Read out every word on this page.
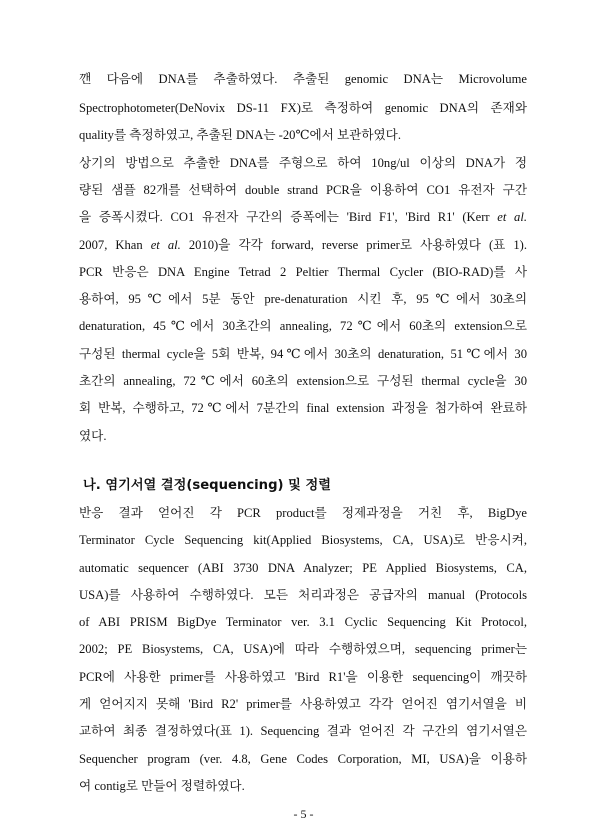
깬 다음에 DNA를 추출하였다. 추출된 genomic DNA는 Microvolume
Spectrophotometer(DeNovix DS-11 FX)로 측정하여 genomic DNA의 존재와
quality를 측정하였고, 추출된 DNA는 -20℃에서 보관하였다.
상기의 방법으로 추출한 DNA를 주형으로 하여 10ng/ul 이상의 DNA가 정
량된 샘플 82개를 선택하여 double strand PCR을 이용하여 CO1 유전자 구간
을 증폭시켰다. CO1 유전자 구간의 증폭에는 'Bird F1', 'Bird R1' (Kerr et al.
2007, Khan et al. 2010)을 각각 forward, reverse primer로 사용하였다 (표 1).
PCR 반응은 DNA Engine Tetrad 2 Peltier Thermal Cycler (BIO-RAD)를 사
용하여, 95℃에서 5분 동안 pre-denaturation 시킨 후, 95℃에서 30초의
denaturation, 45℃에서 30초간의 annealing, 72℃에서 60초의 extension으로
구성된 thermal cycle을 5회 반복, 94℃에서 30초의 denaturation, 51℃에서 30
초간의 annealing, 72℃에서 60초의 extension으로 구성된 thermal cycle을 30
회 반복, 수행하고, 72℃에서 7분간의 final extension 과정을 첨가하여 완료하
였다.
나. 염기서열 결정(sequencing) 및 정렬
반응 결과 얻어진 각 PCR product를 정제과정을 거친 후, BigDye
Terminator Cycle Sequencing kit(Applied Biosystems, CA, USA)로 반응시켜,
automatic sequencer (ABI 3730 DNA Analyzer; PE Applied Biosystems, CA,
USA)를 사용하여 수행하였다. 모든 처리과정은 공급자의 manual (Protocols
of ABI PRISM BigDye Terminator ver. 3.1 Cyclic Sequencing Kit Protocol,
2002; PE Biosystems, CA, USA)에 따라 수행하였으며, sequencing primer는
PCR에 사용한 primer를 사용하였고 'Bird R1'을 이용한 sequencing이 깨끗하
게 얻어지지 못해 'Bird R2' primer를 사용하였고 각각 얻어진 염기서열을 비
교하여 최종 결정하였다(표 1). Sequencing 결과 얻어진 각 구간의 염기서열은
Sequencher program (ver. 4.8, Gene Codes Corporation, MI, USA)을 이용하
여 contig로 만들어 정렬하였다.
- 5 -
